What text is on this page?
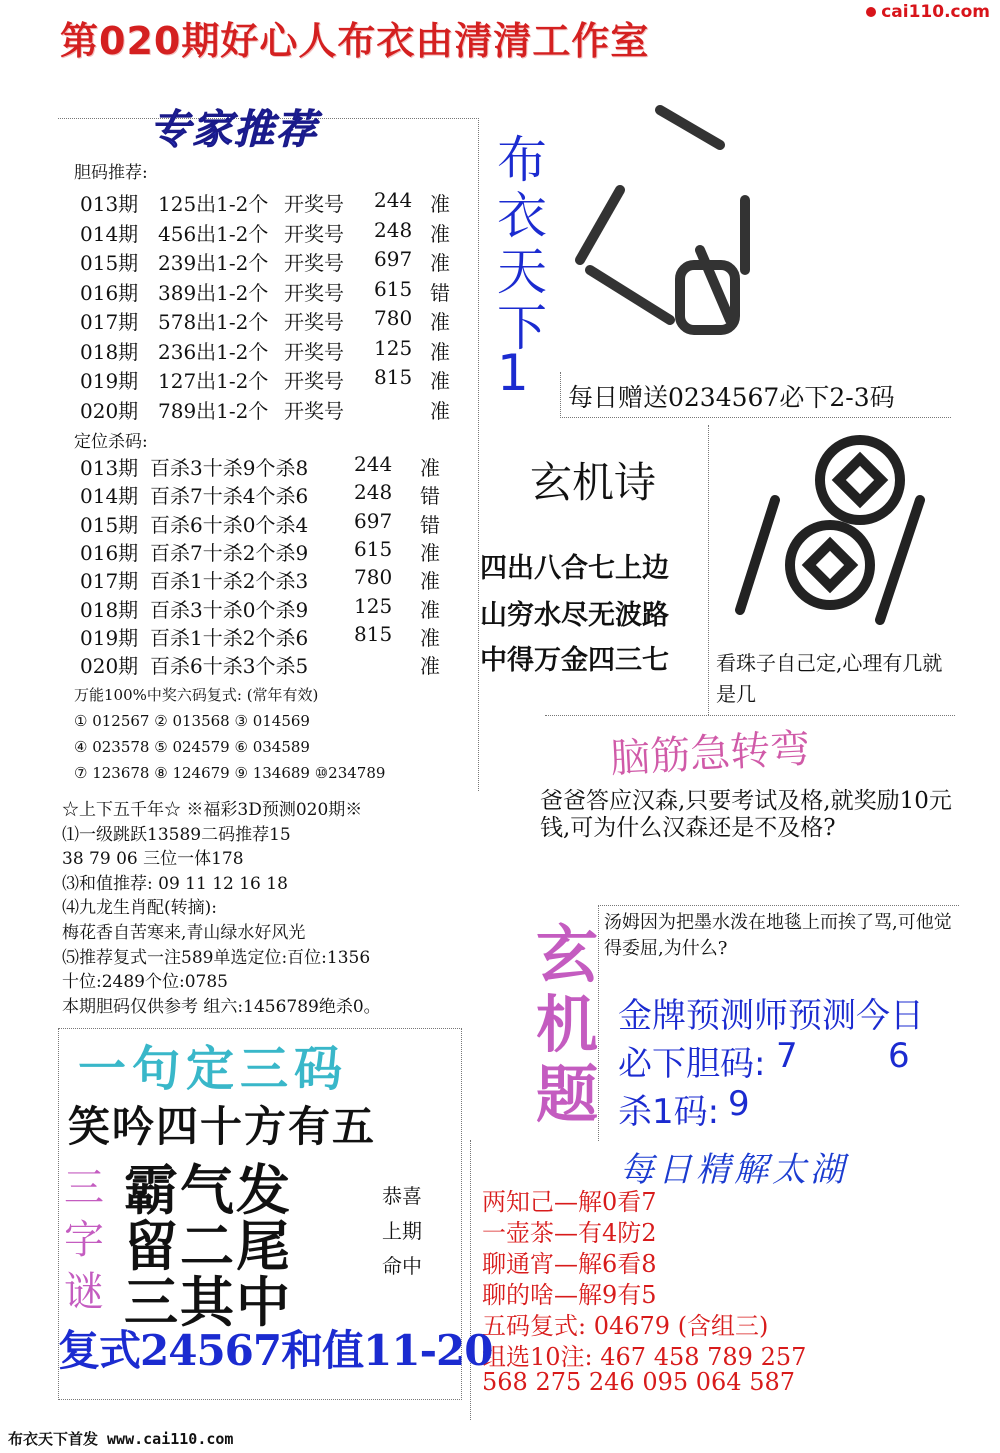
第020期好心人布衣由清清工作室
cai110.com
专家推荐
胆码推荐:
013期 125出1-2个 开奖号 244 准
014期 456出1-2个 开奖号 248 准
015期 239出1-2个 开奖号 697 准
016期 389出1-2个 开奖号 615 错
017期 578出1-2个 开奖号 780 准
018期 236出1-2个 开奖号 125 准
019期 127出1-2个 开奖号 815 准
020期 789出1-2个 开奖号	准
定位杀码:
013期 百杀3十杀9个杀8 244 准
014期 百杀7十杀4个杀6 248 错
015期 百杀6十杀0个杀4 697 错
016期 百杀7十杀2个杀9 615 准
017期 百杀1十杀2个杀3 780 准
018期 百杀3十杀0个杀9 125 准
019期 百杀1十杀2个杀6 815 准
020期 百杀6十杀3个杀5	准
万能100%中奖六码复式: (常年有效)
① 012567 ② 013568 ③ 014569
④ 023578 ⑤ 024579 ⑥ 034589
⑦ 123678 ⑧ 124679 ⑨ 134689 ⑩234789
☆上下五千年☆ ※福彩3D预测020期※
⑴一级跳跃13589二码推荐15
38 79 06 三位一体178
⑶和值推荐: 09 11 12 16 18
⑷九龙生肖配(转摘):
梅花香自苦寒来,青山绿水好风光
⑸推荐复式一注589单选定位:百位:1356
十位:2489个位:0785
本期胆码仅供参考 组六:1456789绝杀0。
布
衣
天
下
1 每日赠送0234567必下2-3码
玄机诗
四出八合七上边
山穷水尽无波路
中得万金四三七 看珠子自己定,心理有几就是几
脑筋急转弯
爸爸答应汉森,只要考试及格,就奖励10元钱,可为什么汉森还是不及格?
玄
机
题
汤姆因为把墨水泼在地毯上而挨了骂,可他觉得委屈,为什么?
金牌预测师预测今日
必下胆码: 7	6
杀1码: 9
每日精解太湖
两知己—解0看7
一壶茶—有4防2
聊通宵—解6看8
聊的啥—解9有5
五码复式: 04679 (含组三)
组选10注: 467 458 789 257
568 275 246 095 064 587
一句定三码
笑吟四十方有五
三
字
谜
霸气发
留二尾
三其中
恭喜
上期
命中
复式24567和值11-20
布衣天下首发 www.cai110.com
